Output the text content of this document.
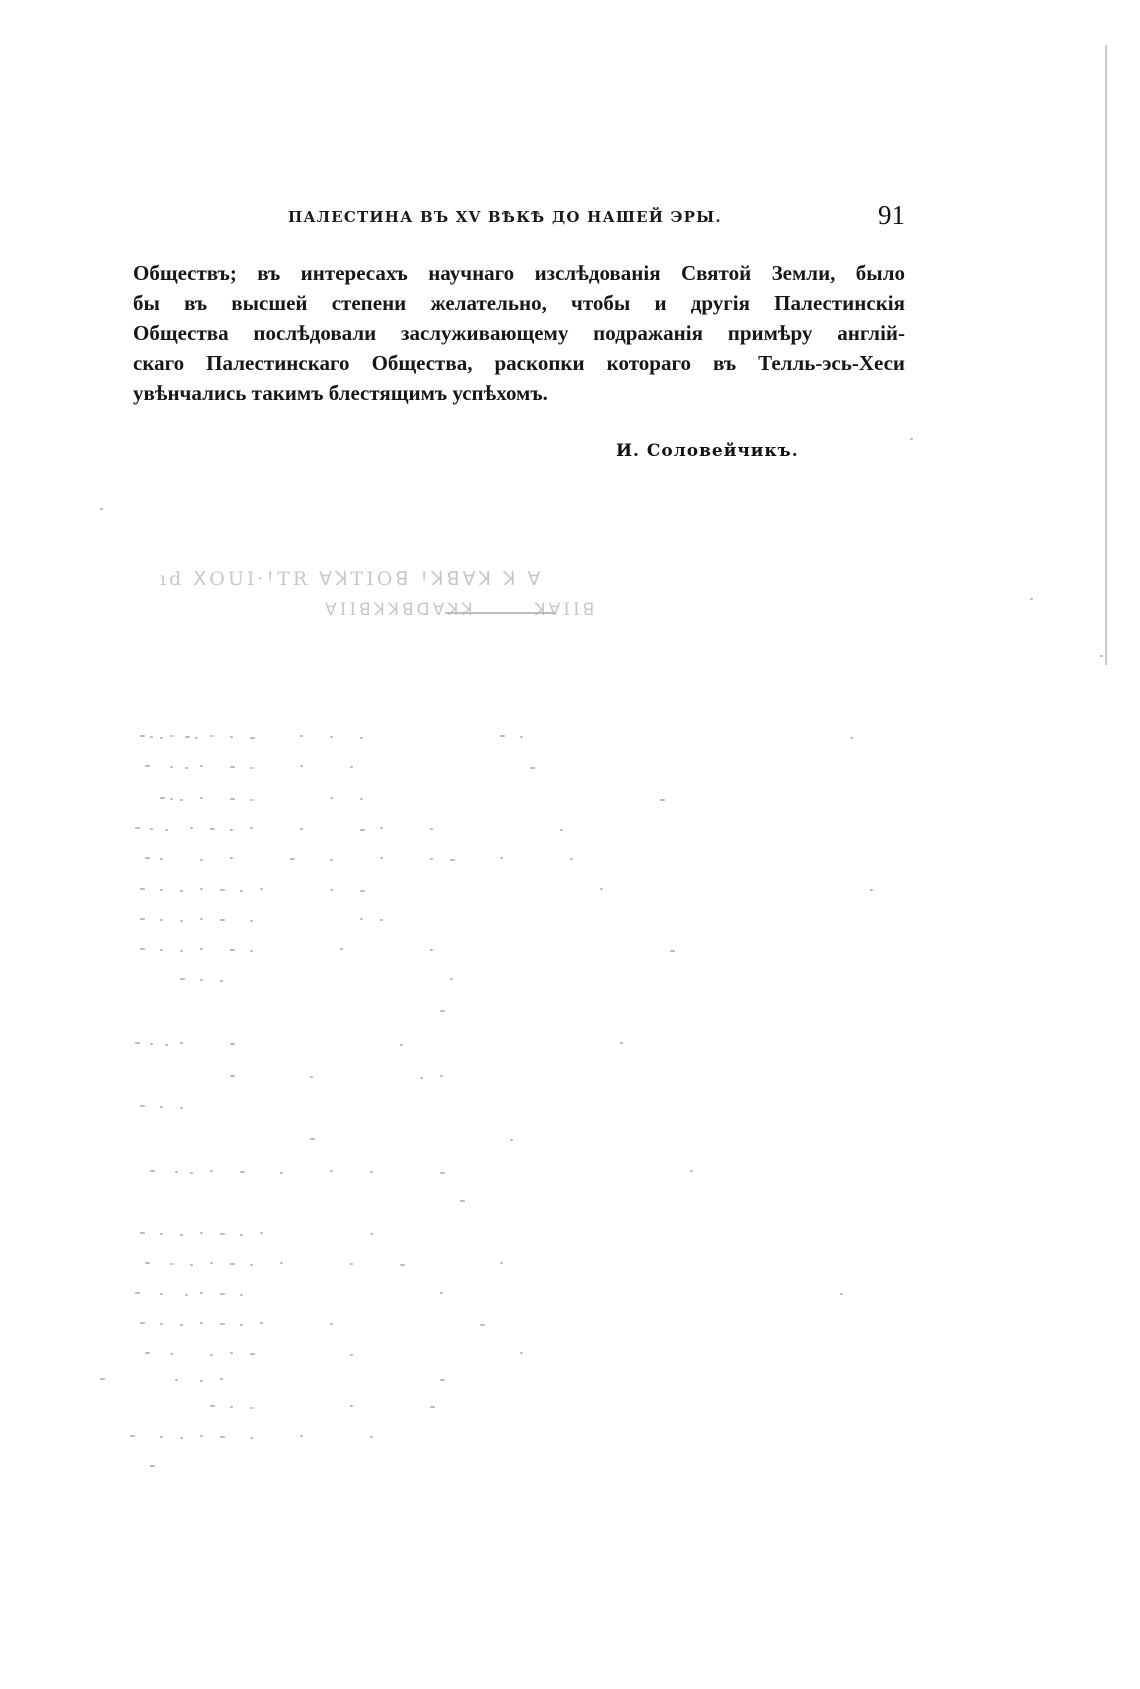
ПАЛЕСТИНА ВЪ XV ВѢКѢ ДО НАШЕЙ ЭРЫ.	91
Обществъ; въ интересахъ научнаго изслѣдованія Святой Земли, было
бы въ высшей степени желательно, чтобы и другія Палестинскія
Общества послѣдовали заслуживающему подражанія примѣру англій-
скаго Палестинскаго Общества, раскопки котораго въ Телль-эсь-Хеси
увѣнчались такимъ блестящимъ успѣхомъ.
И. Соловейчикъ.
ıd ꓫOUI·ꞋTR ꓯꓘTIOꓭ Ꞌꓘꓭꓯꓘ ꓘ ꓯ
ꓯIIꓭꓘꓘꓭꓷꓯꓘꓘ       ꓘꓯIIꓭ
